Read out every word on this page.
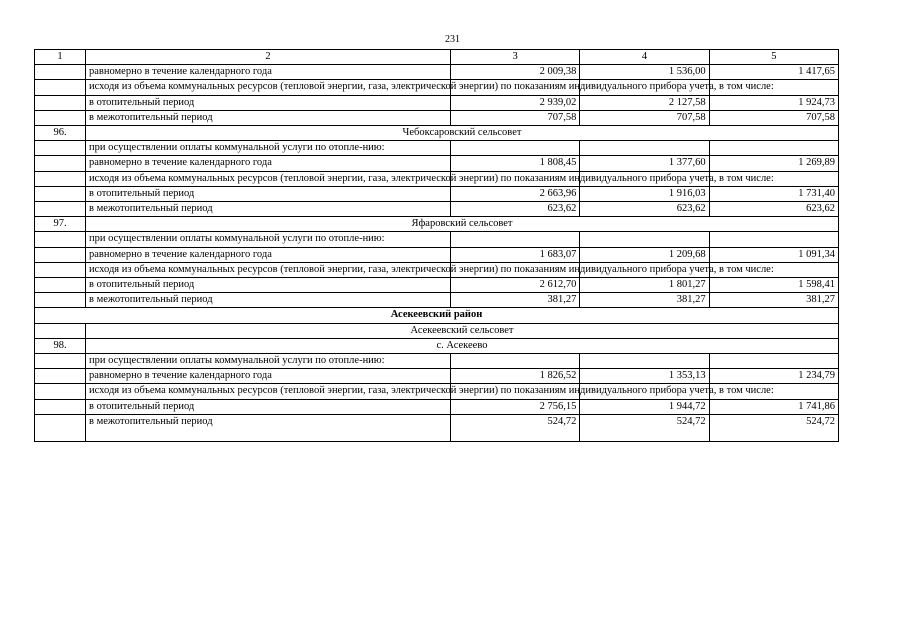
231
1	2	3	4	5
	равномерно в течение календарного года	2 009,38	1 536,00	1 417,65
	исходя из объема коммунальных ресурсов (тепловой энергии, газа, электрической энергии) по показаниям индивидуального прибора учета, в том числе:			
	в отопительный период	2 939,02	2 127,58	1 924,73
	в межотопительный период	707,58	707,58	707,58
96.	Чебоксаровский сельсовет			
	при осуществлении оплаты коммунальной услуги по отопле-нию:			
	равномерно в течение календарного года	1 808,45	1 377,60	1 269,89
	исходя из объема коммунальных ресурсов (тепловой энергии, газа, электрической энергии) по показаниям индивидуального прибора учета, в том числе:			
	в отопительный период	2 663,96	1 916,03	1 731,40
	в межотопительный период	623,62	623,62	623,62
97.	Яфаровский сельсовет			
	при осуществлении оплаты коммунальной услуги по отопле-нию:			
	равномерно в течение календарного года	1 683,07	1 209,68	1 091,34
	исходя из объема коммунальных ресурсов (тепловой энергии, газа, электрической энергии) по показаниям индивидуального прибора учета, в том числе:			
	в отопительный период	2 612,70	1 801,27	1 598,41
	в межотопительный период	381,27	381,27	381,27
Асекеевский район				
	Асекеевский сельсовет			
98.	с. Асекеево			
	при осуществлении оплаты коммунальной услуги по отопле-нию:			
	равномерно в течение календарного года	1 826,52	1 353,13	1 234,79
	исходя из объема коммунальных ресурсов (тепловой энергии, газа, электрической энергии) по показаниям индивидуального прибора учета, в том числе:			
	в отопительный период	2 756,15	1 944,72	1 741,86
	в межотопительный период	524,72	524,72	524,72
